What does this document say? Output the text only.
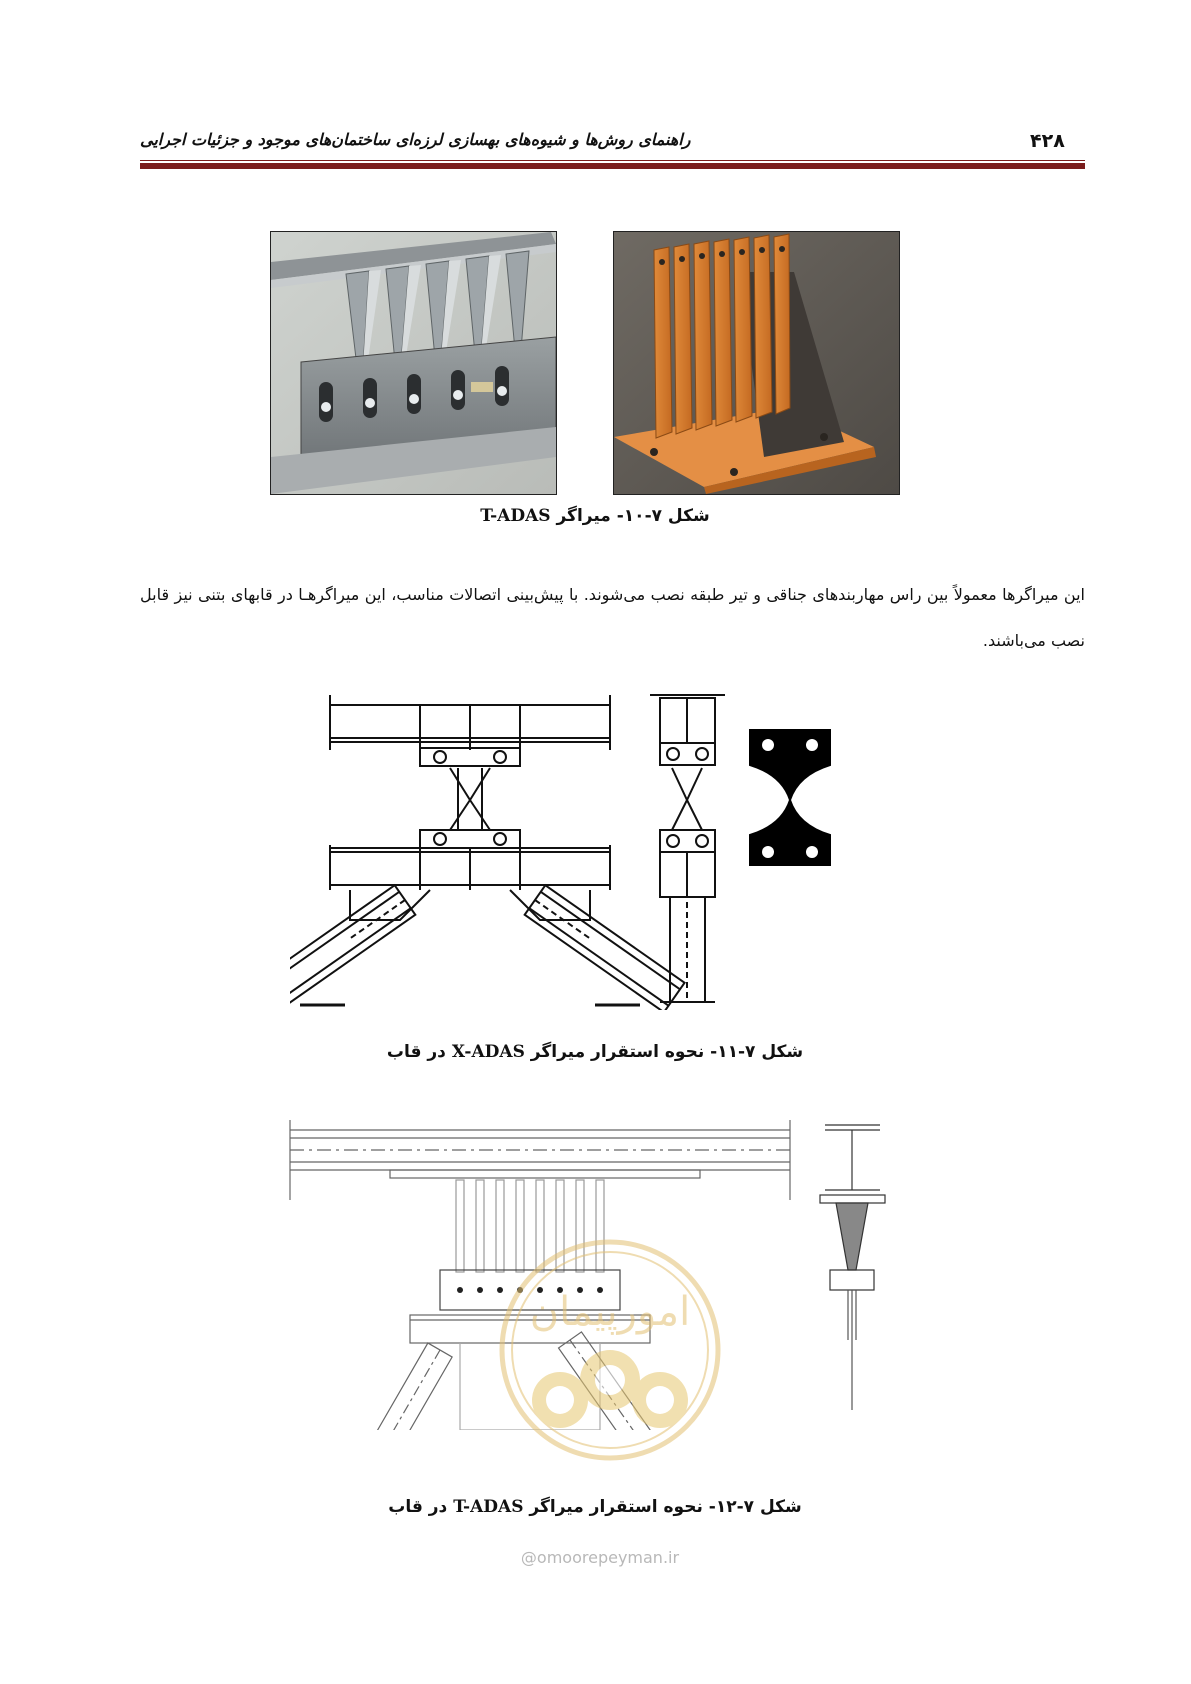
۴۲۸
راهنمای روش‌ها و شیوه‌های بهسازی لرزه‌ای ساختمان‌های موجود و جزئیات اجرایی
شکل ۷-۱۰- میراگر T-ADAS
این میراگرها معمولاً بین راس مهاربندهای جناقی و تیر طبقه نصب می‌شوند. با پیش‌بینی اتصالات مناسب، این میراگرهـا در قابهای بتنی نیز قابل نصب می‌باشند.
شکل ۷-۱۱- نحوه استقرار میراگر X-ADAS در قاب
امورپیمان
شکل ۷-۱۲- نحوه استقرار میراگر T-ADAS در قاب
@omoorepeyman.ir
